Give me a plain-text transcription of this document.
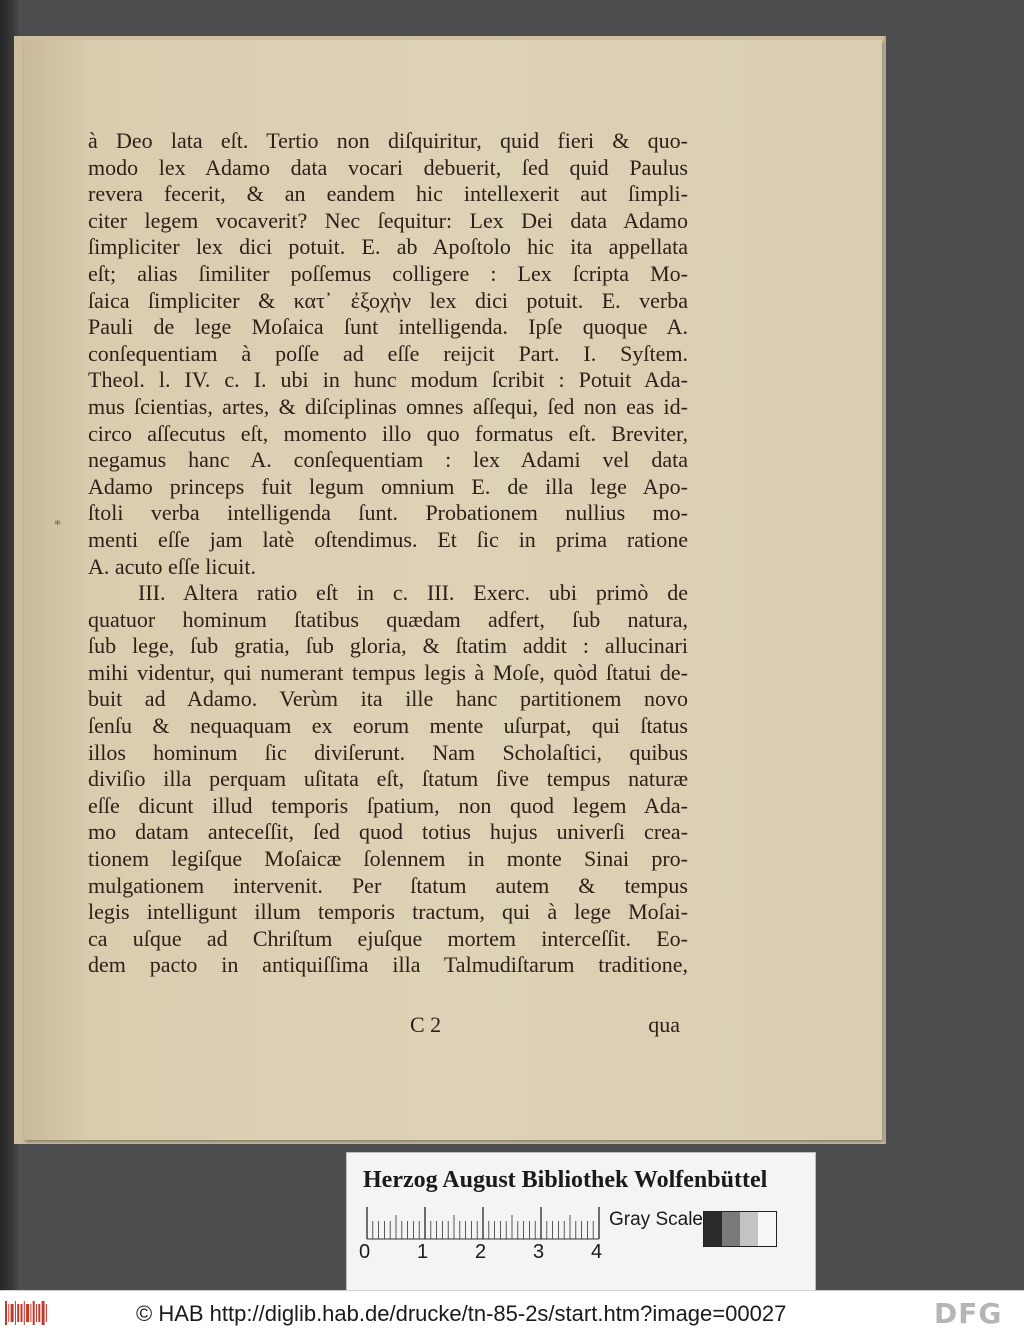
à Deo lata eſt. Tertio non diſquiritur, quid fieri & quo-
modo lex Adamo data vocari debuerit, ſed quid Paulus
revera fecerit, & an eandem hic intellexerit aut ſimpli-
citer legem vocaverit? Nec ſequitur: Lex Dei data Adamo
ſimpliciter lex dici potuit. E. ab Apoſtolo hic ita appellata
eſt; alias ſimiliter poſſemus colligere : Lex ſcripta Mo-
ſaica ſimpliciter & κατ᾽ ἐξοχὴν lex dici potuit. E. verba
Pauli de lege Moſaica ſunt intelligenda. Ipſe quoque A.
conſequentiam à poſſe ad eſſe reijcit Part. I. Syſtem.
Theol. l. IV. c. I. ubi in hunc modum ſcribit : Potuit Ada-
mus ſcientias, artes, & diſciplinas omnes aſſequi, ſed non eas id-
circo aſſecutus eſt, momento illo quo formatus eſt. Breviter,
negamus hanc A. conſequentiam : lex Adami vel data
Adamo princeps fuit legum omnium E. de illa lege Apo-
ſtoli verba intelligenda ſunt. Probationem nullius mo-
menti eſſe jam latè oſtendimus. Et ſic in prima ratione
A. acuto eſſe licuit.
III. Altera ratio eſt in c. III. Exerc. ubi primò de
quatuor hominum ſtatibus quædam adfert, ſub natura,
ſub lege, ſub gratia, ſub gloria, & ſtatim addit : allucinari
mihi videntur, qui numerant tempus legis à Moſe, quòd ſtatui de-
buit ad Adamo. Verùm ita ille hanc partitionem novo
ſenſu & nequaquam ex eorum mente uſurpat, qui ſtatus
illos hominum ſic diviſerunt. Nam Scholaſtici, quibus
diviſio illa perquam uſitata eſt, ſtatum ſive tempus naturæ
eſſe dicunt illud temporis ſpatium, non quod legem Ada-
mo datam anteceſſit, ſed quod totius hujus univerſi crea-
tionem legiſque Moſaicæ ſolennem in monte Sinai pro-
mulgationem intervenit. Per ſtatum autem & tempus
legis intelligunt illum temporis tractum, qui à lege Moſai-
ca uſque ad Chriſtum ejuſque mortem interceſſit. Eo-
dem pacto in antiquiſſima illa Talmudiſtarum traditione,
C 2	qua
*
Herzog August Bibliothek Wolfenbüttel
0 1 2 3 4
Gray Scale
© HAB http://diglib.hab.de/drucke/tn-85-2s/start.htm?image=00027	DFG
